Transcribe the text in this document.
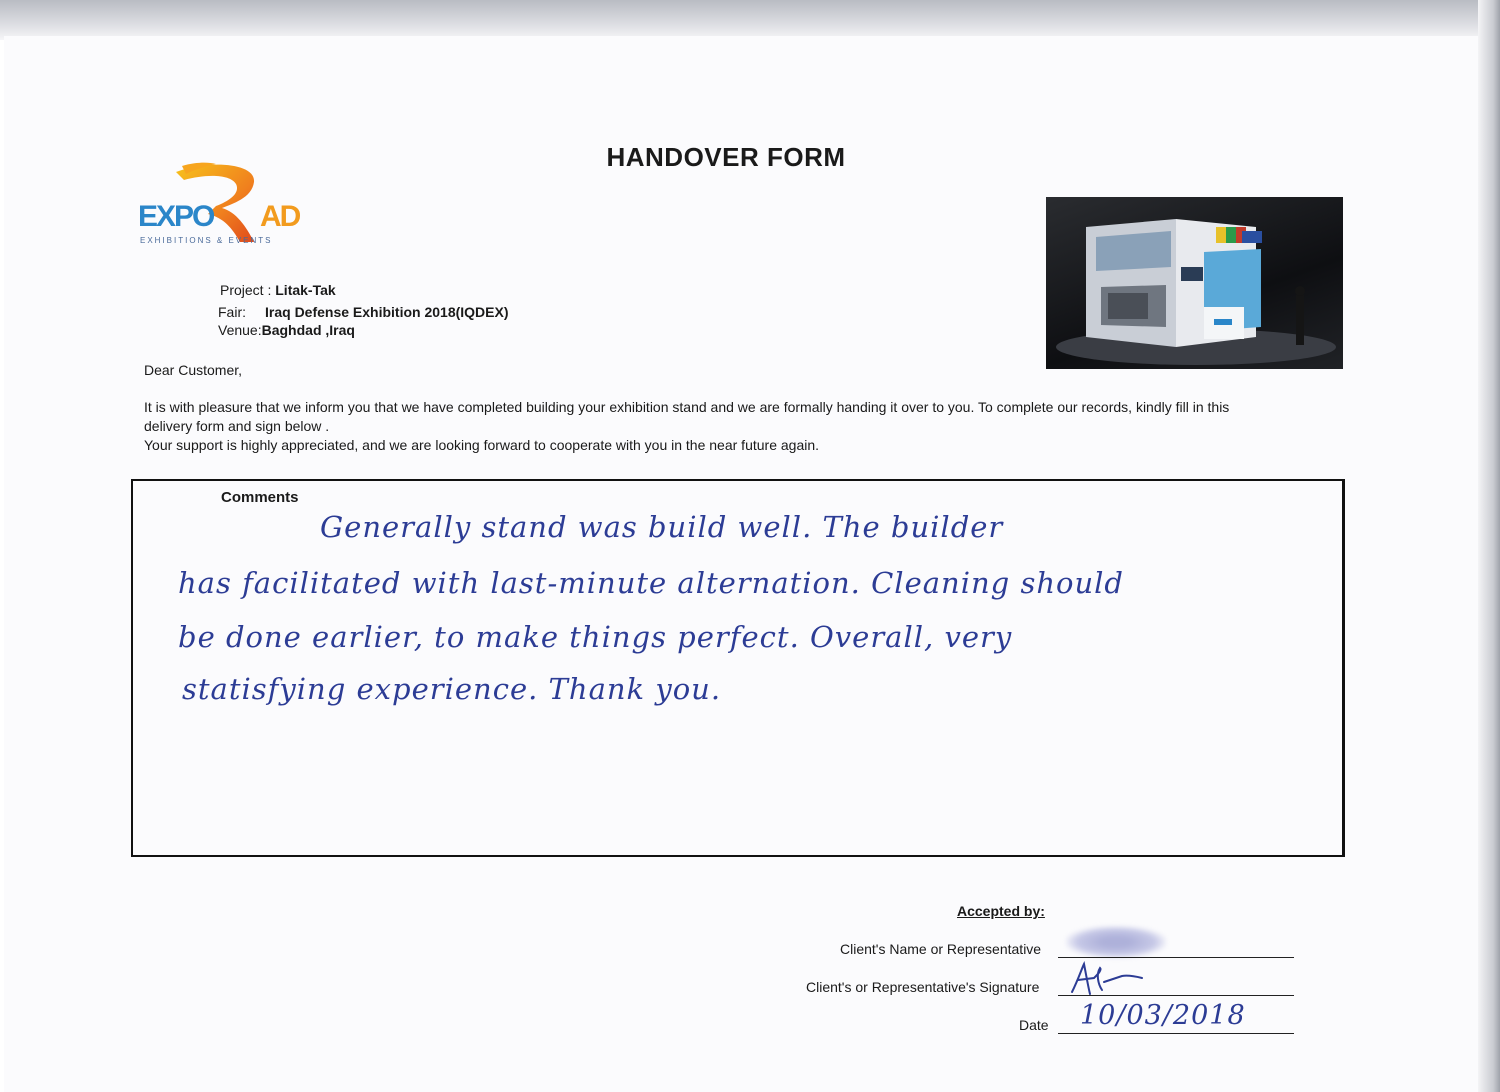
HANDOVER FORM
EXPO AD
EXHIBITIONS & EVENTS
Project : Litak-Tak
Fair: Iraq Defense Exhibition 2018(IQDEX)
Venue:Baghdad ,Iraq
Dear Customer,
It is with pleasure that we inform you that we have completed building your exhibition stand and we are formally handing it over to you. To complete our records, kindly fill in this
delivery form and sign below .
Your support is highly appreciated, and we are looking forward to cooperate with you in the near future again.
Comments
Generally stand was build well. The builder
has facilitated with last-minute alternation. Cleaning should
be done earlier, to make things perfect. Overall, very
statisfying experience. Thank you.
Accepted by:
Client's Name or Representative
Client's or Representative's Signature
Date 10/03/2018
